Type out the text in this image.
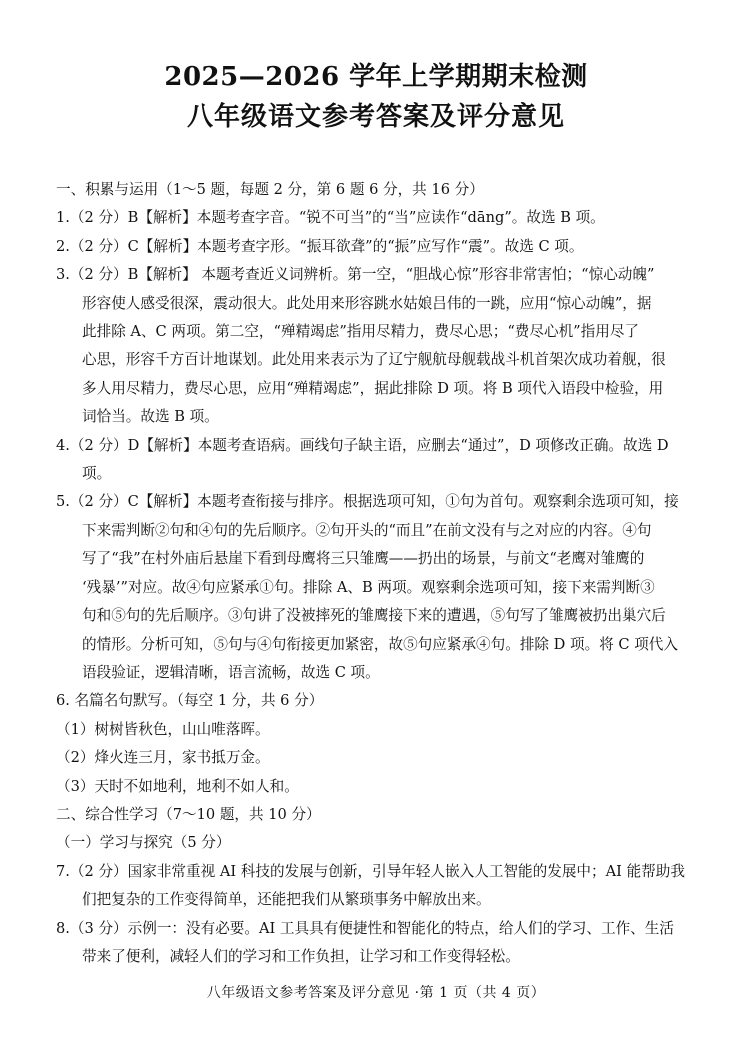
2025—2026 学年上学期期末检测
八年级语文参考答案及评分意见
一、积累与运用（1～5 题，每题 2 分，第 6 题 6 分，共 16 分）
1.（2 分）B【解析】本题考查字音。“锐不可当”的“当”应读作“dāng”。故选 B 项。
2.（2 分）C【解析】本题考查字形。“振耳欲聋”的“振”应写作“震”。故选 C 项。
3.（2 分）B【解析】 本题考查近义词辨析。第一空，“胆战心惊”形容非常害怕；“惊心动魄”
形容使人感受很深，震动很大。此处用来形容跳水姑娘吕伟的一跳，应用“惊心动魄”，据
此排除 A、C 两项。第二空，“殚精竭虑”指用尽精力，费尽心思；“费尽心机”指用尽了
心思，形容千方百计地谋划。此处用来表示为了辽宁舰航母舰载战斗机首架次成功着舰，很
多人用尽精力，费尽心思，应用“殚精竭虑”，据此排除 D 项。将 B 项代入语段中检验，用
词恰当。故选 B 项。
4.（2 分）D【解析】本题考查语病。画线句子缺主语，应删去“通过”，D 项修改正确。故选 D
项。
5.（2 分）C【解析】本题考查衔接与排序。根据选项可知，①句为首句。观察剩余选项可知，接
下来需判断②句和④句的先后顺序。②句开头的“而且”在前文没有与之对应的内容。④句
写了“我”在村外庙后悬崖下看到母鹰将三只雏鹰——扔出的场景，与前文“老鹰对雏鹰的
‘残暴’”对应。故④句应紧承①句。排除 A、B 两项。观察剩余选项可知，接下来需判断③
句和⑤句的先后顺序。③句讲了没被摔死的雏鹰接下来的遭遇，⑤句写了雏鹰被扔出巢穴后
的情形。分析可知，⑤句与④句衔接更加紧密，故⑤句应紧承④句。排除 D 项。将 C 项代入
语段验证，逻辑清晰，语言流畅，故选 C 项。
6. 名篇名句默写。（每空 1 分，共 6 分）
（1）树树皆秋色，山山唯落晖。
（2）烽火连三月，家书抵万金。
（3）天时不如地利，地利不如人和。
二、综合性学习（7～10 题，共 10 分）
（一）学习与探究（5 分）
7.（2 分）国家非常重视 AI 科技的发展与创新，引导年轻人嵌入人工智能的发展中；AI 能帮助我
们把复杂的工作变得简单，还能把我们从繁琐事务中解放出来。
8.（3 分）示例一：没有必要。AI 工具具有便捷性和智能化的特点，给人们的学习、工作、生活
带来了便利，减轻人们的学习和工作负担，让学习和工作变得轻松。
八年级语文参考答案及评分意见 ·第 1 页（共 4 页）
